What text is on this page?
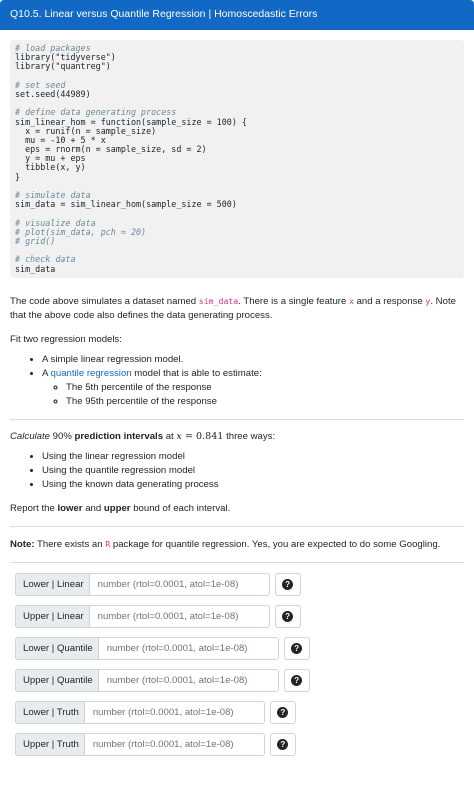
Q10.5. Linear versus Quantile Regression | Homoscedastic Errors
# load packages
library("tidyverse")
library("quantreg")
# set seed
set.seed(44989)
# define data generating process
sim_linear_hom = function(sample_size = 100) {
x = runif(n = sample_size)
mu = -10 + 5 * x
eps = rnorm(n = sample_size, sd = 2)
y = mu + eps
tibble(x, y)
}
# simulate data
sim_data = sim_linear_hom(sample_size = 500)
# visualize data
# plot(sim_data, pch = 20)
# grid()
# check data
sim_data

The code above simulates a dataset named sim_data. There is a single feature x and a response y. Note that the above code also defines the data generating process.

Fit two regression models:

• A simple linear regression model.
• A quantile regression model that is able to estimate:
◦ The 5th percentile of the response
◦ The 95th percentile of the response

Calculate 90% prediction intervals at x = 0.841 three ways:

• Using the linear regression model
• Using the quantile regression model
• Using the known data generating process

Report the lower and upper bound of each interval.

Note: There exists an R package for quantile regression. Yes, you are expected to do some Googling.

Lower | Linear
number (rtol=0.0001, atol=1e-08)	?
Upper | Linear
number (rtol=0.0001, atol=1e-08)	?
Lower | Quantile
number (rtol=0.0001, atol=1e-08)	?
Upper | Quantile
number (rtol=0.0001, atol=1e-08)	?
Lower | Truth
number (rtol=0.0001, atol=1e-08)	?
Upper | Truth
number (rtol=0.0001, atol=1e-08)	?
